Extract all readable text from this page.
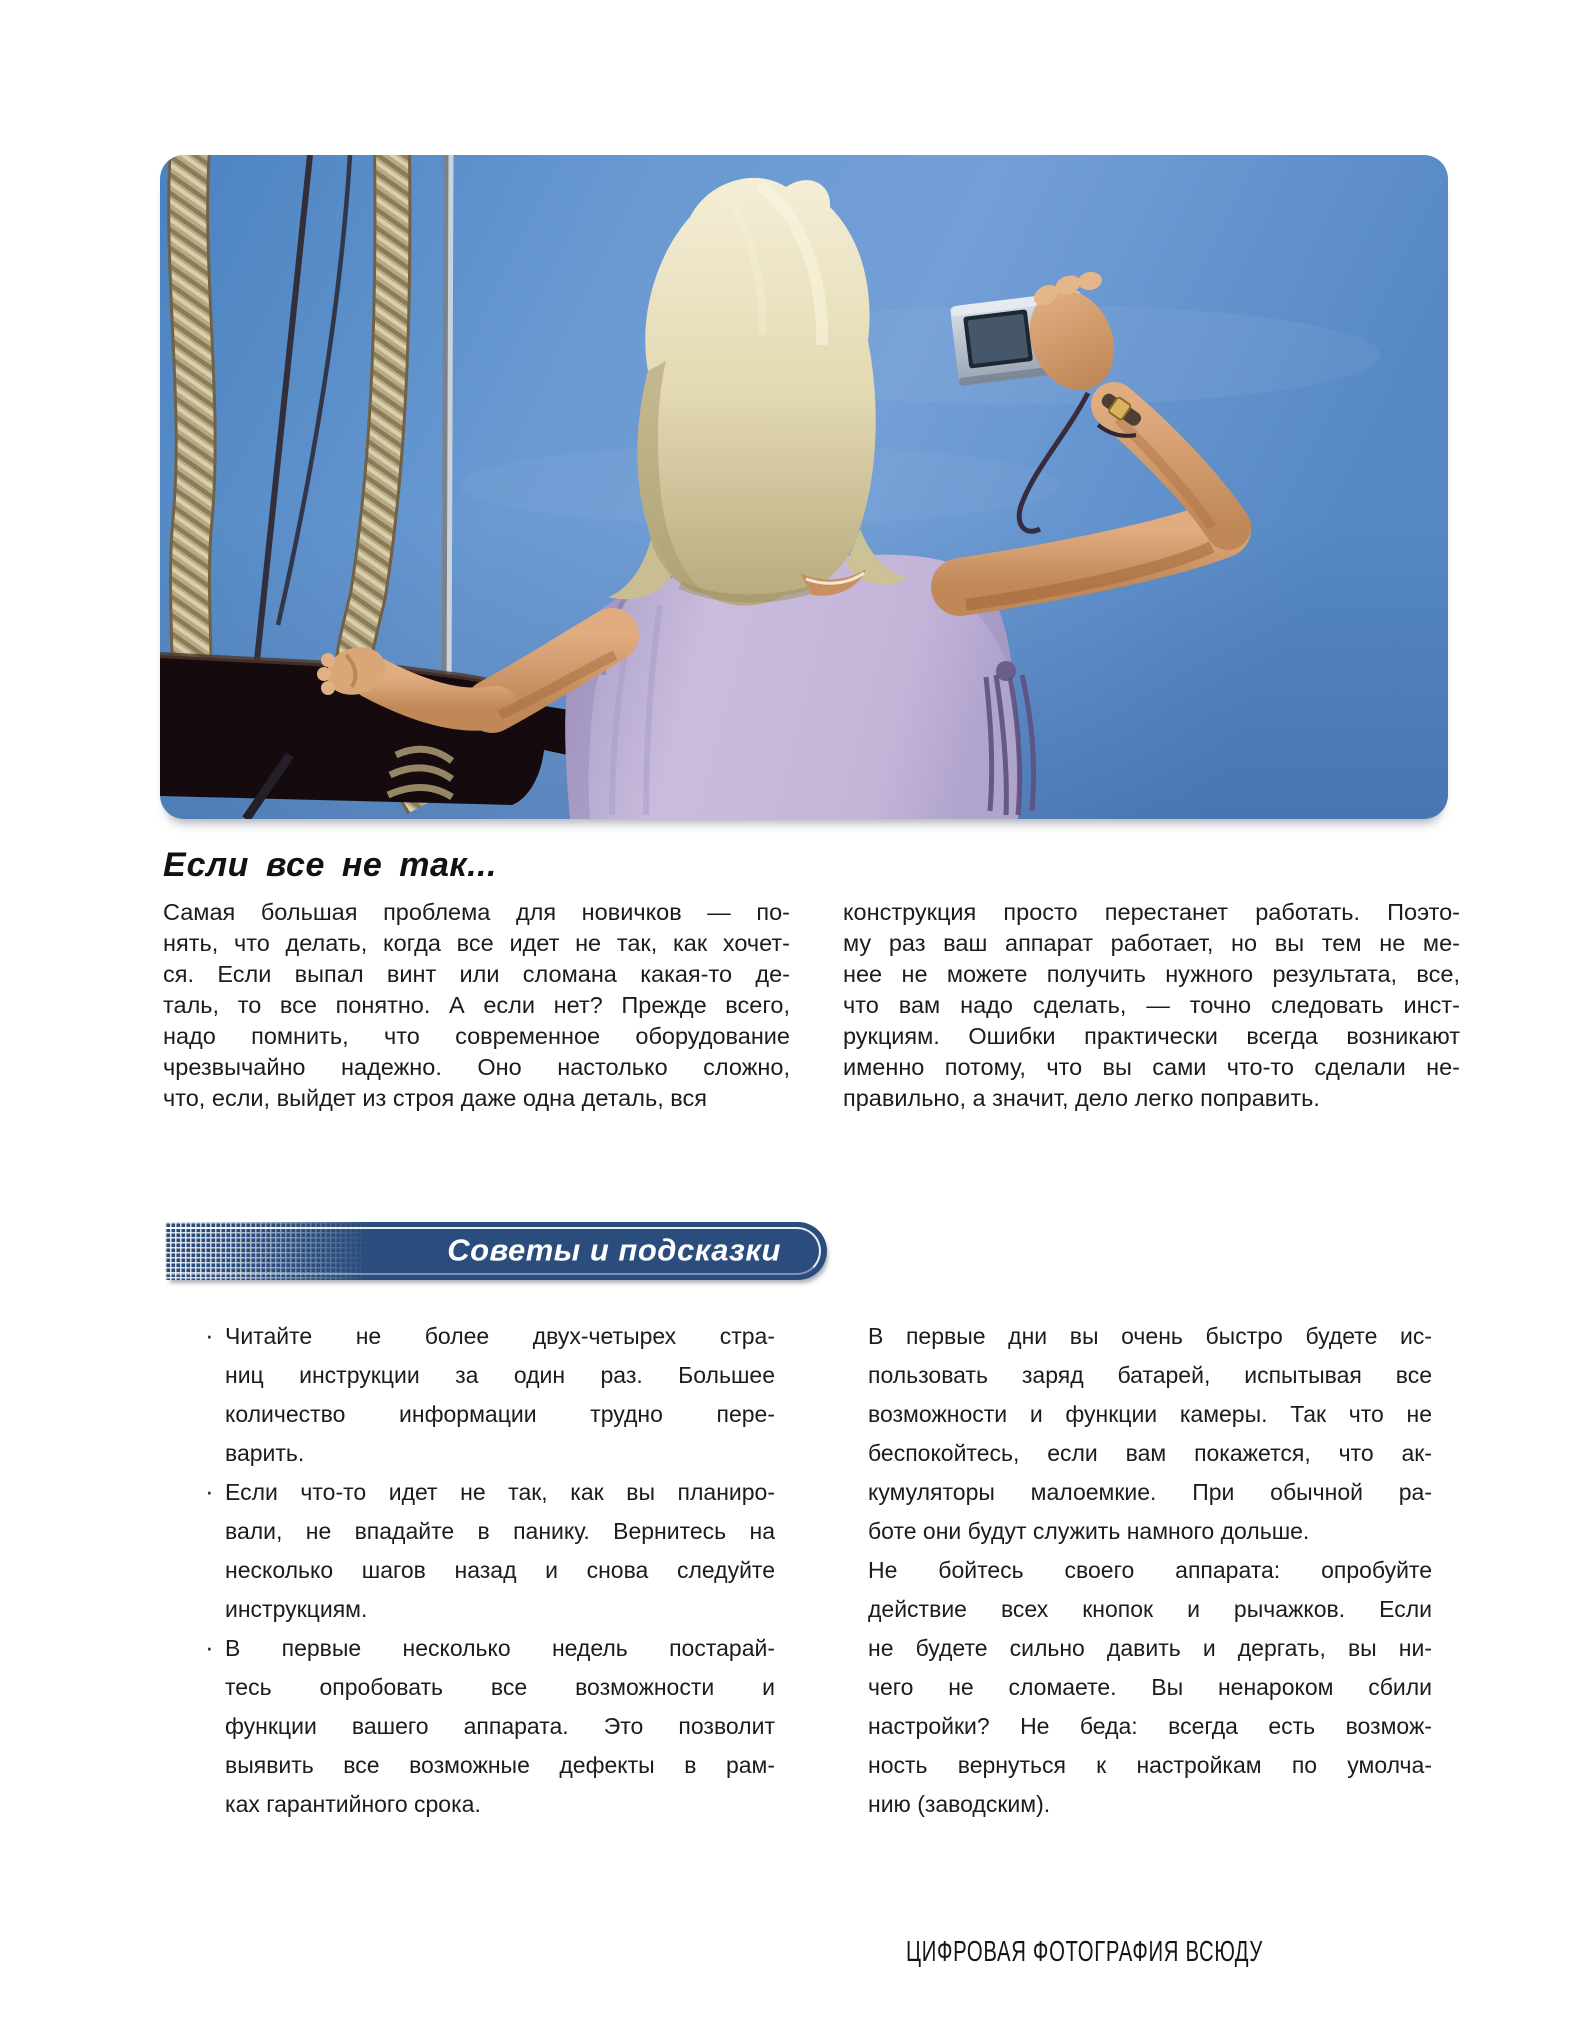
Если все не так...
Самая большая проблема для новичков — по-
нять, что делать, когда все идет не так, как хочет-
ся. Если выпал винт или сломана какая-то де-
таль, то все понятно. А если нет? Прежде всего,
надо помнить, что современное оборудование
чрезвычайно надежно. Оно настолько сложно,
что, если, выйдет из строя даже одна деталь, вся
конструкция просто перестанет работать. Поэто-
му раз ваш аппарат работает, но вы тем не ме-
нее не можете получить нужного результата, все,
что вам надо сделать, — точно следовать инст-
рукциям. Ошибки практически всегда возникают
именно потому, что вы сами что-то сделали не-
правильно, а значит, дело легко поправить.
Советы и подсказки
· Читайте не более двух-четырех стра-
ниц инструкции за один раз. Большее
количество информации трудно пере-
варить.
· Если что-то идет не так, как вы планиро-
вали, не впадайте в панику. Вернитесь на
несколько шагов назад и снова следуйте
инструкциям.
· В первые несколько недель постарай-
тесь опробовать все возможности и
функции вашего аппарата. Это позволит
выявить все возможные дефекты в рам-
ках гарантийного срока.
В первые дни вы очень быстро будете ис-
пользовать заряд батарей, испытывая все
возможности и функции камеры. Так что не
беспокойтесь, если вам покажется, что ак-
кумуляторы малоемкие. При обычной ра-
боте они будут служить намного дольше.
Не бойтесь своего аппарата: опробуйте
действие всех кнопок и рычажков. Если
не будете сильно давить и дергать, вы ни-
чего не сломаете. Вы ненароком сбили
настройки? Не беда: всегда есть возмож-
ность вернуться к настройкам по умолча-
нию (заводским).
ЦИФРОВАЯ ФОТОГРАФИЯ ВСЮДУ
